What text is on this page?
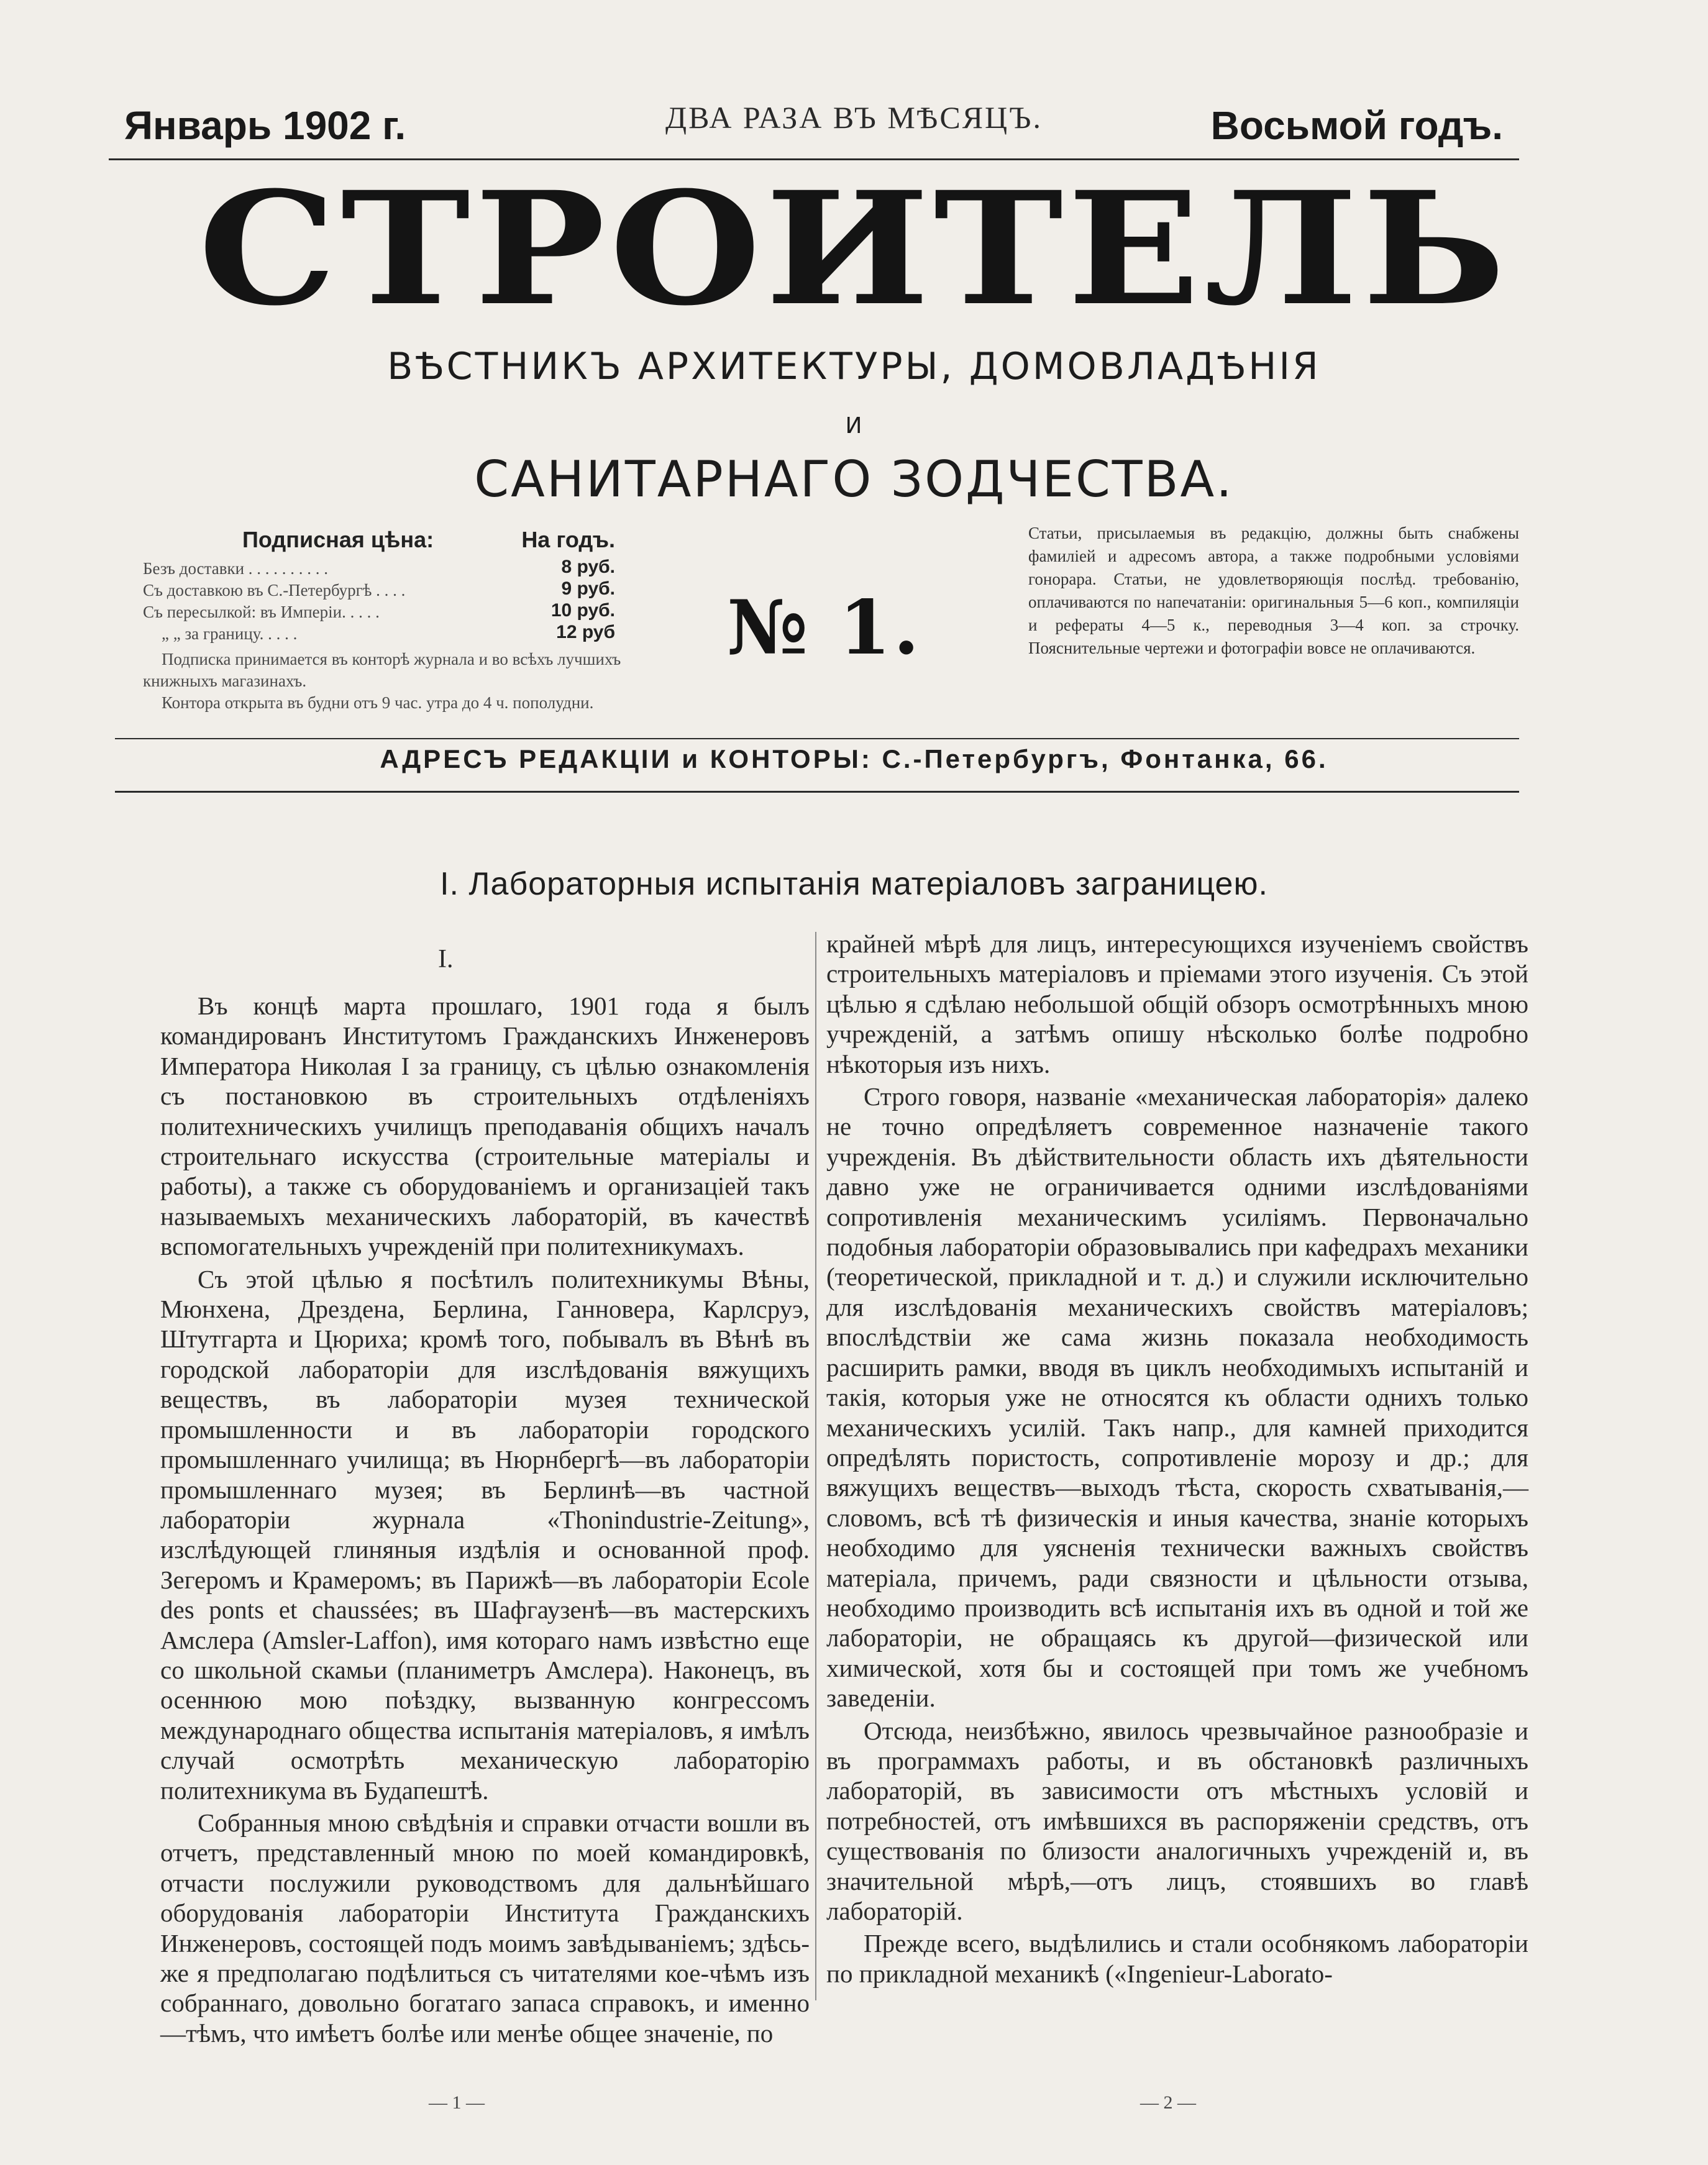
Январь 1902 г.	ДВА РАЗА ВЪ МѢСЯЦЪ.	Восьмой годъ.
СТРОИТЕЛЬ
ВѢСТНИКЪ АРХИТЕКТУРЫ, ДОМОВЛАДѢНІЯ
И
САНИТАРНАГО ЗОДЧЕСТВА.
Подписная цѣна:	На годъ.
Безъ доставки . . . . . . . . . .	8 руб.
Съ доставкою въ С.-Петербургѣ . . . .	9 руб.
Съ пересылкой: въ Имперіи. . . . .	10 руб.
„ „ за границу. . . . .	12 руб
Подписка принимается въ конторѣ журнала и во всѣхъ лучшихъ книжныхъ магазинахъ.
Контора открыта въ будни отъ 9 час. утра до 4 ч. пополудни.
№ 1.
Статьи, присылаемыя въ редакцію, должны быть снабжены фамиліей и адресомъ автора, а также подробными условіями гонорара. Статьи, не удовлетворяющія послѣд. требованію, оплачиваются по напечатаніи: оригинальныя 5—6 коп., компиляціи и рефераты 4—5 к., переводныя 3—4 коп. за строчку. Пояснительные чертежи и фотографіи вовсе не оплачиваются.
АДРЕСЪ РЕДАКЦІИ и КОНТОРЫ: С.-Петербургъ, Фонтанка, 66.
I. Лабораторныя испытанія матеріаловъ заграницею.
I.

Въ концѣ марта прошлаго, 1901 года я былъ командированъ Институтомъ Гражданскихъ Инженеровъ Императора Николая I за границу, съ цѣлью ознакомленія съ постановкою въ строительныхъ отдѣленіяхъ политехническихъ училищъ преподаванія общихъ началъ строительнаго искусства (строительные матеріалы и работы), а также съ оборудованіемъ и организаціей такъ называемыхъ механическихъ лабораторій, въ качествѣ вспомогательныхъ учрежденій при политехникумахъ.

Съ этой цѣлью я посѣтилъ политехникумы Вѣны, Мюнхена, Дрездена, Берлина, Ганновера, Карлсруэ, Штутгарта и Цюриха; кромѣ того, побывалъ въ Вѣнѣ въ городской лабораторіи для изслѣдованія вяжущихъ веществъ, въ лабораторіи музея технической промышленности и въ лабораторіи городского промышленнаго училища; въ Нюрнбергѣ—въ лабораторіи промышленнаго музея; въ Берлинѣ—въ частной лабораторіи журнала «Thonindustrie-Zeitung», изслѣдующей глиняныя издѣлія и основанной проф. Зегеромъ и Крамеромъ; въ Парижѣ—въ лабораторіи Ecole des ponts et chaussées; въ Шафгаузенѣ—въ мастерскихъ Амслера (Amsler-Laffon), имя котораго намъ извѣстно еще со школьной скамьи (планиметръ Амслера). Наконецъ, въ осеннюю мою поѣздку, вызванную конгрессомъ международнаго общества испытанія матеріаловъ, я имѣлъ случай осмотрѣть механическую лабораторію политехникума въ Будапештѣ.

Собранныя мною свѣдѣнія и справки отчасти вошли въ отчетъ, представленный мною по моей командировкѣ, отчасти послужили руководствомъ для дальнѣйшаго оборудованія лабораторіи Института Гражданскихъ Инженеровъ, состоящей подъ моимъ завѣдываніемъ; здѣсь-же я предполагаю подѣлиться съ читателями кое-чѣмъ изъ собраннаго, довольно богатаго запаса справокъ, и именно—тѣмъ, что имѣетъ болѣе или менѣе общее значеніе, по

крайней мѣрѣ для лицъ, интересующихся изученіемъ свойствъ строительныхъ матеріаловъ и пріемами этого изученія. Съ этой цѣлью я сдѣлаю небольшой общій обзоръ осмотрѣнныхъ мною учрежденій, а затѣмъ опишу нѣсколько болѣе подробно нѣкоторыя изъ нихъ.

Строго говоря, названіе «механическая лабораторія» далеко не точно опредѣляетъ современное назначеніе такого учрежденія. Въ дѣйствительности область ихъ дѣятельности давно уже не ограничивается одними изслѣдованіями сопротивленія механическимъ усиліямъ. Первоначально подобныя лабораторіи образовывались при кафедрахъ механики (теоретической, прикладной и т. д.) и служили исключительно для изслѣдованія механическихъ свойствъ матеріаловъ; впослѣдствіи же сама жизнь показала необходимость расширить рамки, вводя въ циклъ необходимыхъ испытаній и такія, которыя уже не относятся къ области однихъ только механическихъ усилій. Такъ напр., для камней приходится опредѣлять пористость, сопротивленіе морозу и др.; для вяжущихъ веществъ—выходъ тѣста, скорость схватыванія,—словомъ, всѣ тѣ физическія и иныя качества, знаніе которыхъ необходимо для уясненія технически важныхъ свойствъ матеріала, причемъ, ради связности и цѣльности отзыва, необходимо производить всѣ испытанія ихъ въ одной и той же лабораторіи, не обращаясь къ другой—физической или химической, хотя бы и состоящей при томъ же учебномъ заведеніи.

Отсюда, неизбѣжно, явилось чрезвычайное разнообразіе и въ программахъ работы, и въ обстановкѣ различныхъ лабораторій, въ зависимости отъ мѣстныхъ условій и потребностей, отъ имѣвшихся въ распоряженіи средствъ, отъ существованія по близости аналогичныхъ учрежденій и, въ значительной мѣрѣ,—отъ лицъ, стоявшихъ во главѣ лабораторій.

Прежде всего, выдѣлились и стали особнякомъ лабораторіи по прикладной механикѣ («Ingenieur-Laborato-

— 1 —	— 2 —
